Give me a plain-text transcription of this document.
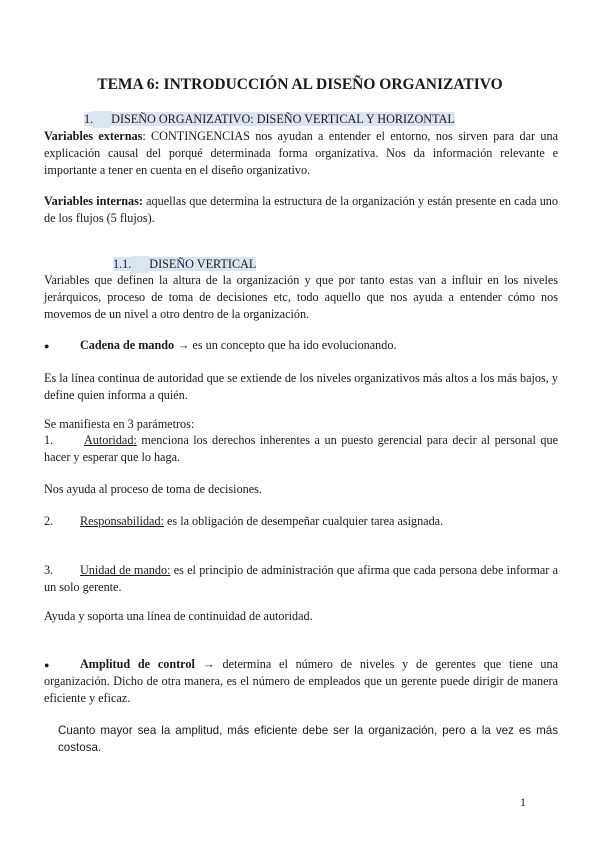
TEMA 6: INTRODUCCIÓN AL DISEÑO ORGANIZATIVO
1. DISEÑO ORGANIZATIVO: DISEÑO VERTICAL Y HORIZONTAL

Variables externas: CONTINGENCIAS nos ayudan a entender el entorno, nos sirven para dar una explicación causal del porqué determinada forma organizativa. Nos da información relevante e importante a tener en cuenta en el diseño organizativo.

Variables internas: aquellas que determina la estructura de la organización y están presente en cada uno de los flujos (5 flujos).

1.1. DISEÑO VERTICAL

Variables que definen la altura de la organización y que por tanto estas van a influir en los niveles jerárquicos, proceso de toma de decisiones etc, todo aquello que nos ayuda a entender cómo nos movemos de un nivel a otro dentro de la organización.

●	Cadena de mando → es un concepto que ha ido evolucionando.

Es la línea continua de autoridad que se extiende de los niveles organizativos más altos a los más bajos, y define quien informa a quién.

Se manifiesta en 3 parámetros:

1.	Autoridad: menciona los derechos inherentes a un puesto gerencial para decir al personal que hacer y esperar que lo haga.

Nos ayuda al proceso de toma de decisiones.

2. Responsabilidad: es la obligación de desempeñar cualquier tarea asignada.

3.	Unidad de mando: es el principio de administración que afirma que cada persona debe informar a un solo gerente.

Ayuda y soporta una línea de continuidad de autoridad.

●	Amplitud de control → determina el número de niveles y de gerentes que tiene una organización. Dicho de otra manera, es el número de empleados que un gerente puede dirigir de manera eficiente y eficaz.

Cuanto mayor sea la amplitud, más eficiente debe ser la organización, pero a la vez es más costosa.

1
